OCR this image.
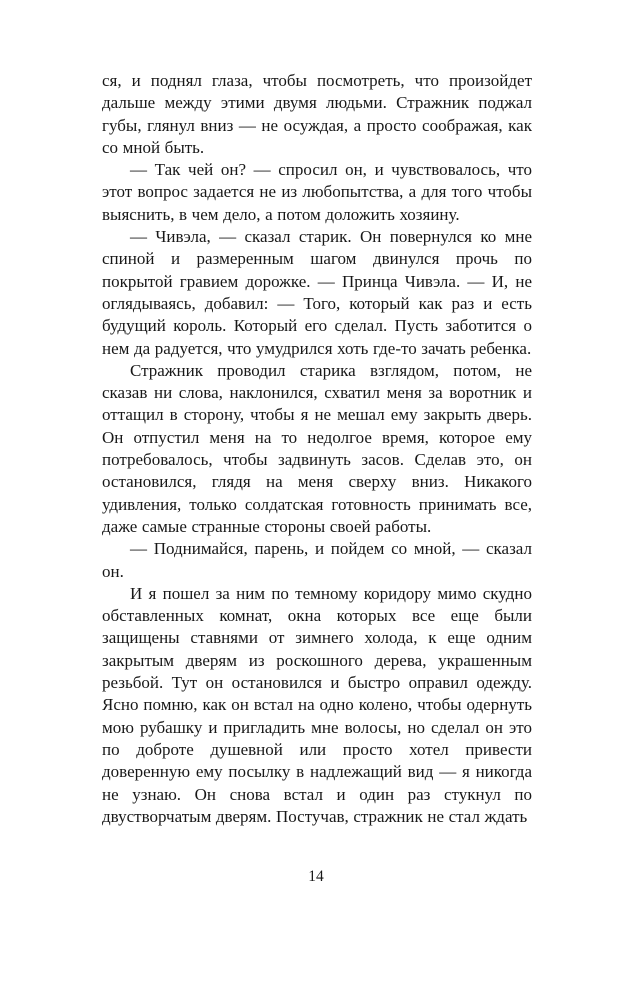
ся, и поднял глаза, чтобы посмотреть, что произойдет дальше между этими двумя людьми. Стражник поджал губы, глянул вниз — не осуждая, а просто соображая, как со мной быть.

— Так чей он? — спросил он, и чувствовалось, что этот вопрос задается не из любопытства, а для того чтобы выяснить, в чем дело, а потом доложить хозяину.

— Чивэла, — сказал старик. Он повернулся ко мне спиной и размеренным шагом двинулся прочь по покрытой гравием дорожке. — Принца Чивэла. — И, не оглядываясь, добавил: — Того, который как раз и есть будущий король. Который его сделал. Пусть заботится о нем да радуется, что умудрился хоть где-то зачать ребенка.

Стражник проводил старика взглядом, потом, не сказав ни слова, наклонился, схватил меня за воротник и оттащил в сторону, чтобы я не мешал ему закрыть дверь. Он отпустил меня на то недолгое время, которое ему потребовалось, чтобы задвинуть засов. Сделав это, он остановился, глядя на меня сверху вниз. Никакого удивления, только солдатская готовность принимать все, даже самые странные стороны своей работы.

— Поднимайся, парень, и пойдем со мной, — сказал он.

И я пошел за ним по темному коридору мимо скудно обставленных комнат, окна которых все еще были защищены ставнями от зимнего холода, к еще одним закрытым дверям из роскошного дерева, украшенным резьбой. Тут он остановился и быстро оправил одежду. Ясно помню, как он встал на одно колено, чтобы одернуть мою рубашку и пригладить мне волосы, но сделал он это по доброте душевной или просто хотел привести доверенную ему посылку в надлежащий вид — я никогда не узнаю. Он снова встал и один раз стукнул по двустворчатым дверям. Постучав, стражник не стал ждать

14
